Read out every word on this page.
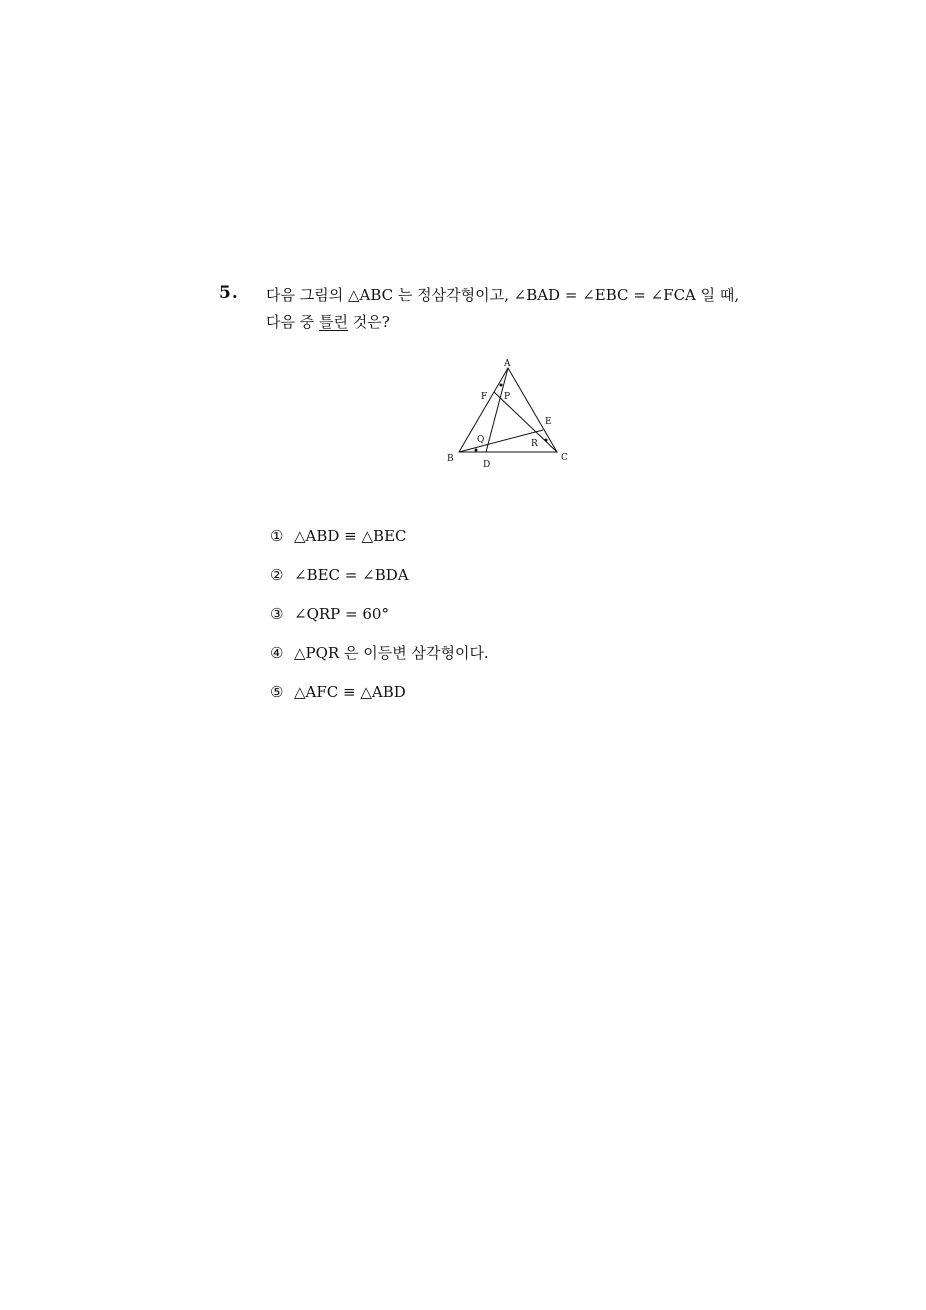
5. 다음 그림의 △ABC 는 정삼각형이고, ∠BAD = ∠EBC = ∠FCA 일 때,
다음 중 틀린 것은?
A
F P
E
Q	R
B	C
D
① △ABD ≡ △BEC
② ∠BEC = ∠BDA
③ ∠QRP = 60°
④ △PQR 은 이등변 삼각형이다.
⑤ △AFC ≡ △ABD
